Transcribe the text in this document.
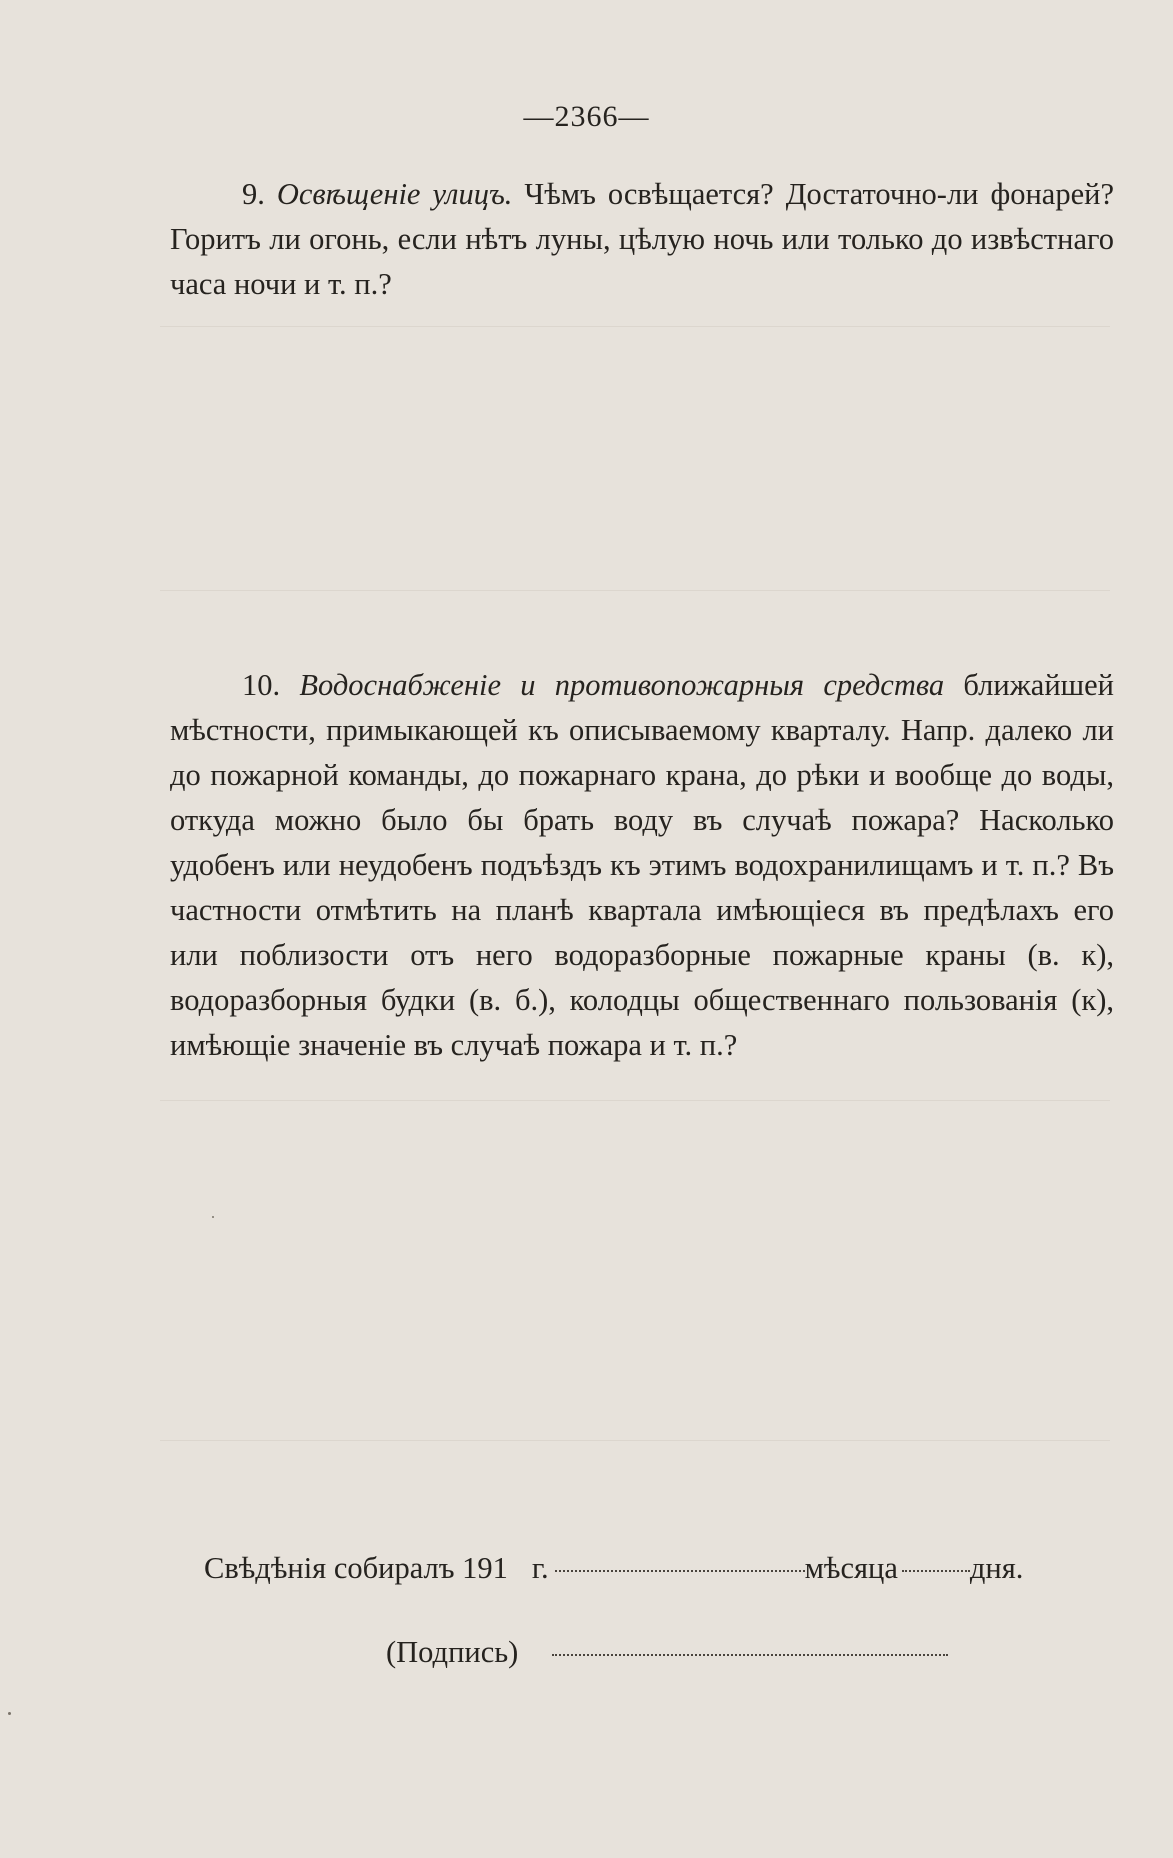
—2366—
9. Освѣщеніе улицъ. Чѣмъ освѣщается? Достаточно-ли фонарей? Горитъ ли огонь, если нѣтъ луны, цѣлую ночь или только до извѣстнаго часа ночи и т. п.?
10. Водоснабженіе и противопожарныя средства ближайшей мѣстности, примыкающей къ описываемому кварталу. Напр. далеко ли до пожарной команды, до пожарнаго крана, до рѣки и вообще до воды, откуда можно было бы брать воду въ случаѣ пожара? Насколько удобенъ или неудобенъ подъѣздъ къ этимъ водохранилищамъ и т. п.? Въ частности отмѣтить на планѣ квартала имѣющіеся въ предѣлахъ его или поблизости отъ него водоразборные пожарные краны (в. к), водоразборныя будки (в. б.), колодцы общественнаго пользованія (к), имѣющіе значеніе въ случаѣ пожара и т. п.?
Свѣдѣнія собиралъ 191 г.	мѣсяца дня.
(Подпись)
